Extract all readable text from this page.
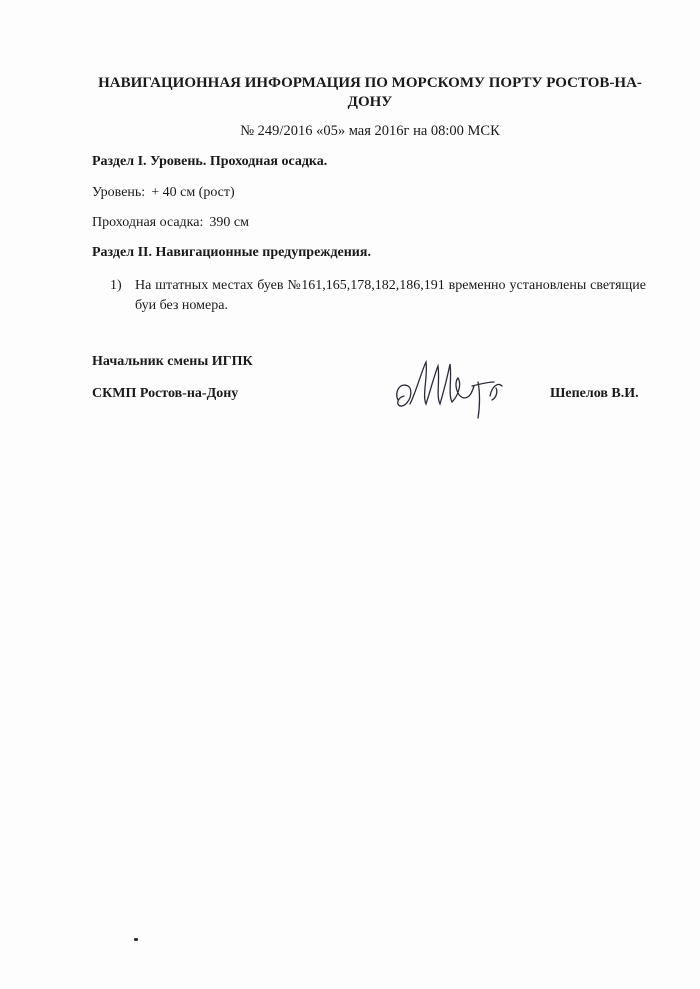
НАВИГАЦИОННАЯ ИНФОРМАЦИЯ ПО МОРСКОМУ ПОРТУ РОСТОВ-НА-ДОНУ
№ 249/2016 «05» мая 2016г на 08:00 МСК
Раздел I. Уровень. Проходная осадка.
Уровень: + 40 см (рост)
Проходная осадка: 390 см
Раздел II. Навигационные предупреждения.
1) На штатных местах буев №161,165,178,182,186,191 временно установлены светящие буи без номера.
Начальник смены ИГПК
СКМП Ростов-на-Дону	Шепелов В.И.
